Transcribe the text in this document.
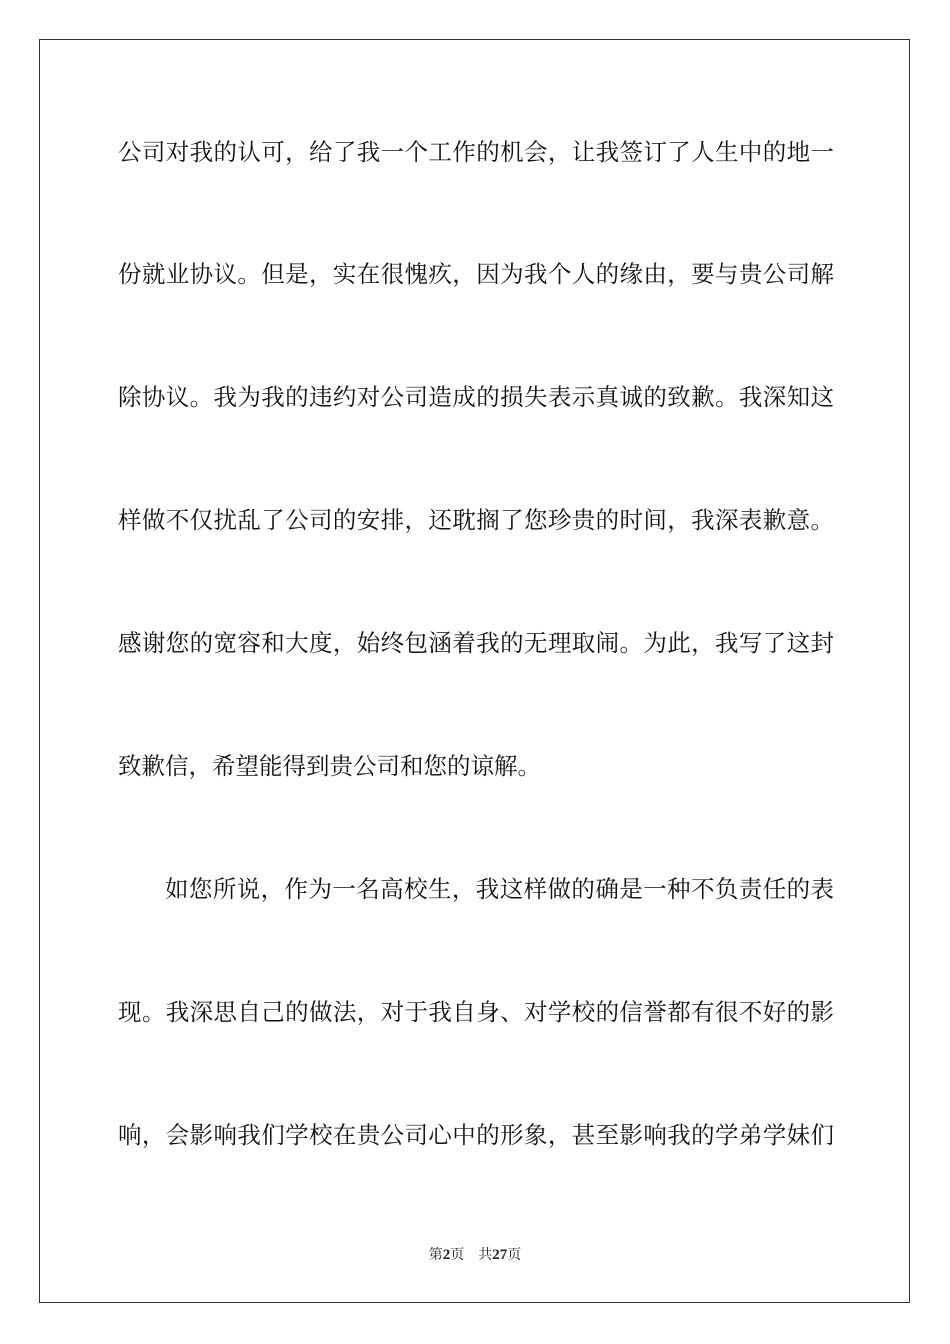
公司对我的认可，给了我一个工作的机会，让我签订了人生中的地一
份就业协议。但是，实在很愧疚，因为我个人的缘由，要与贵公司解
除协议。我为我的违约对公司造成的损失表示真诚的致歉。我深知这
样做不仅扰乱了公司的安排，还耽搁了您珍贵的时间，我深表歉意。
感谢您的宽容和大度，始终包涵着我的无理取闹。为此，我写了这封
致歉信，希望能得到贵公司和您的谅解。
如您所说，作为一名高校生，我这样做的确是一种不负责任的表
现。我深思自己的做法，对于我自身、对学校的信誉都有很不好的影
响，会影响我们学校在贵公司心中的形象，甚至影响我的学弟学妹们
第2页 共27页
